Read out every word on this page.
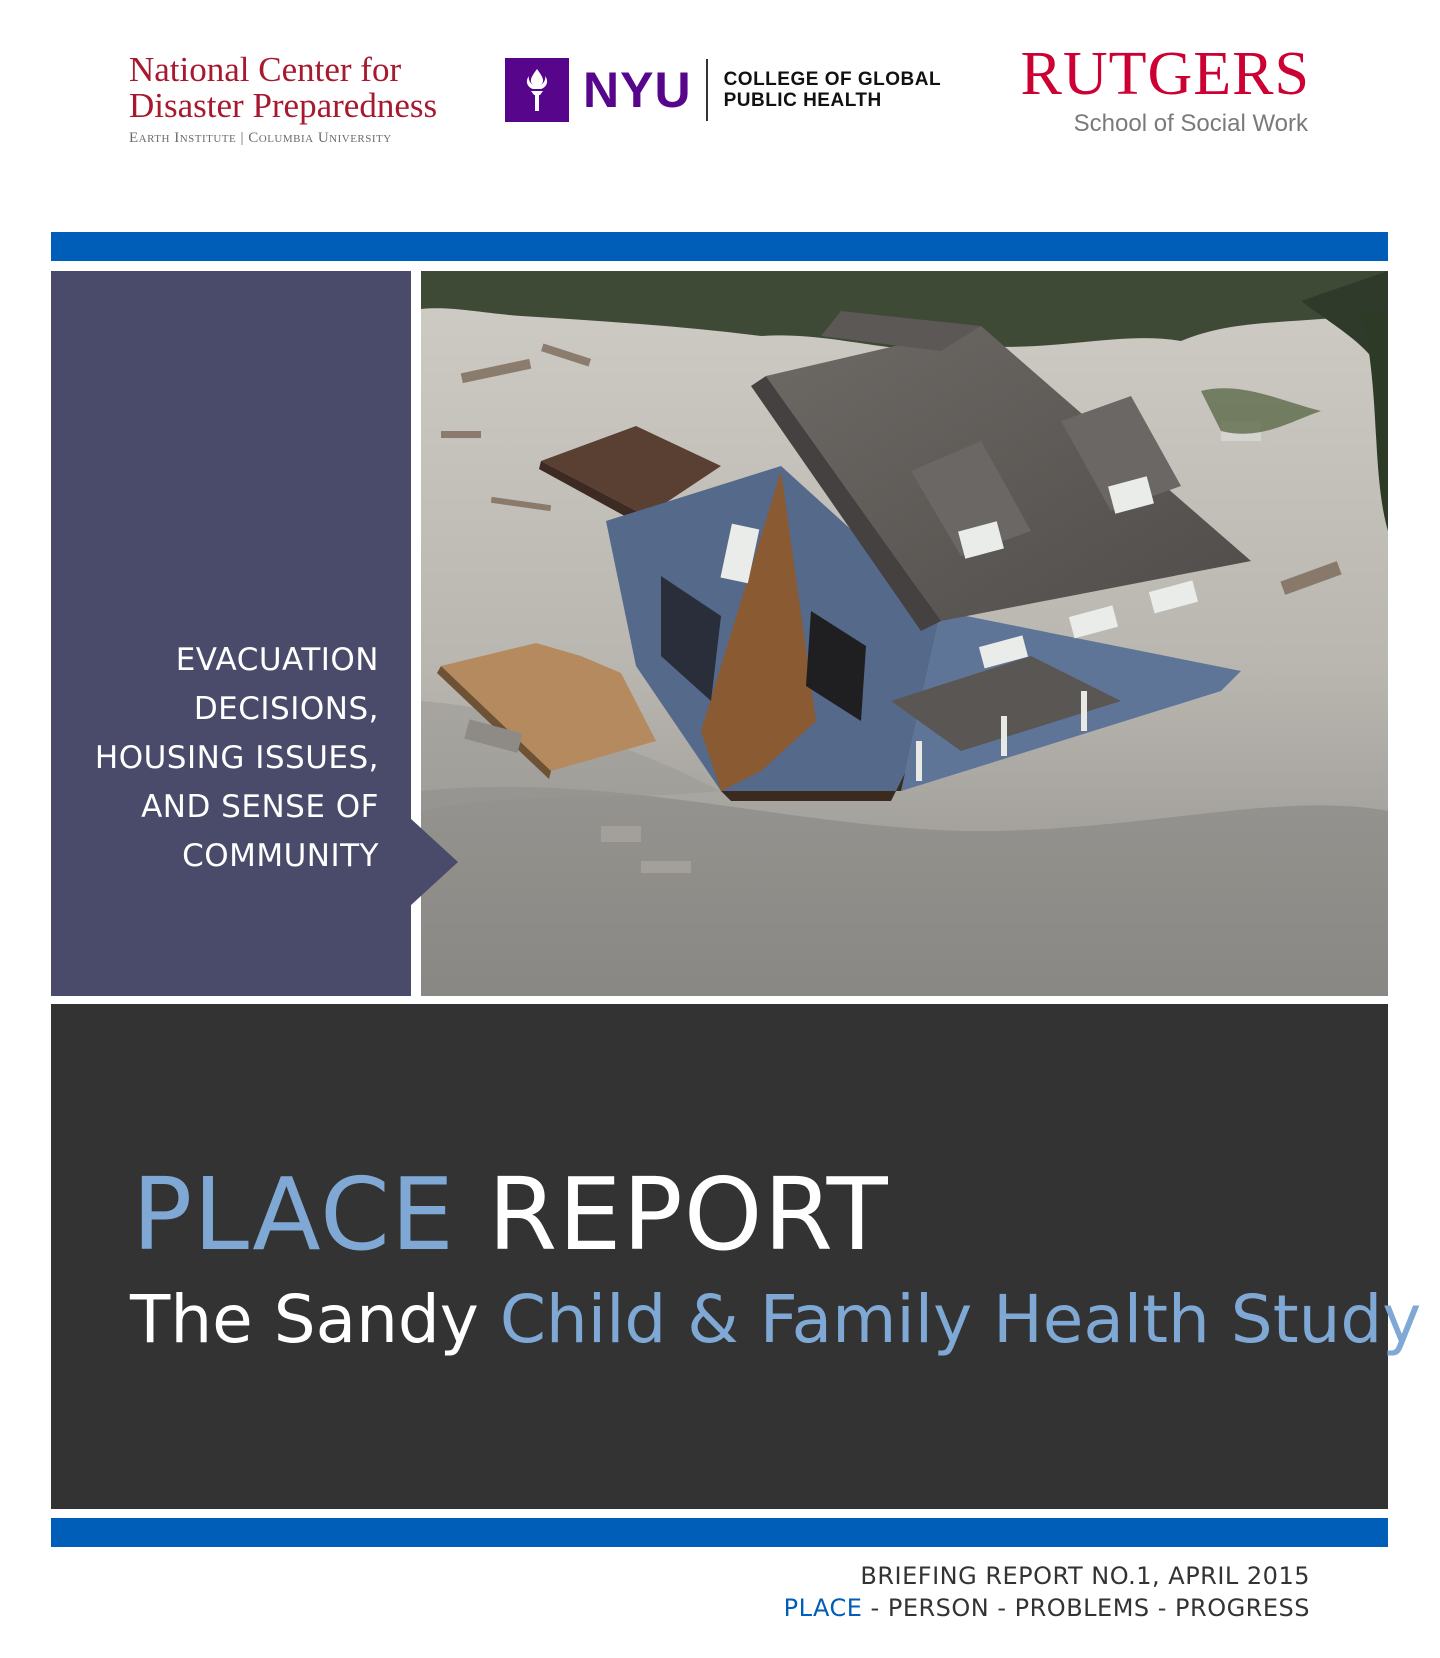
National Center for
Disaster Preparedness
Earth Institute | Columbia University
NYU COLLEGE OF GLOBAL
PUBLIC HEALTH	RUTGERS
School of Social Work
EVACUATION
DECISIONS,
HOUSING ISSUES,
AND SENSE OF
COMMUNITY
PLACE REPORT
The Sandy Child & Family Health Study
BRIEFING REPORT NO.1, APRIL 2015
PLACE - PERSON - PROBLEMS - PROGRESS
